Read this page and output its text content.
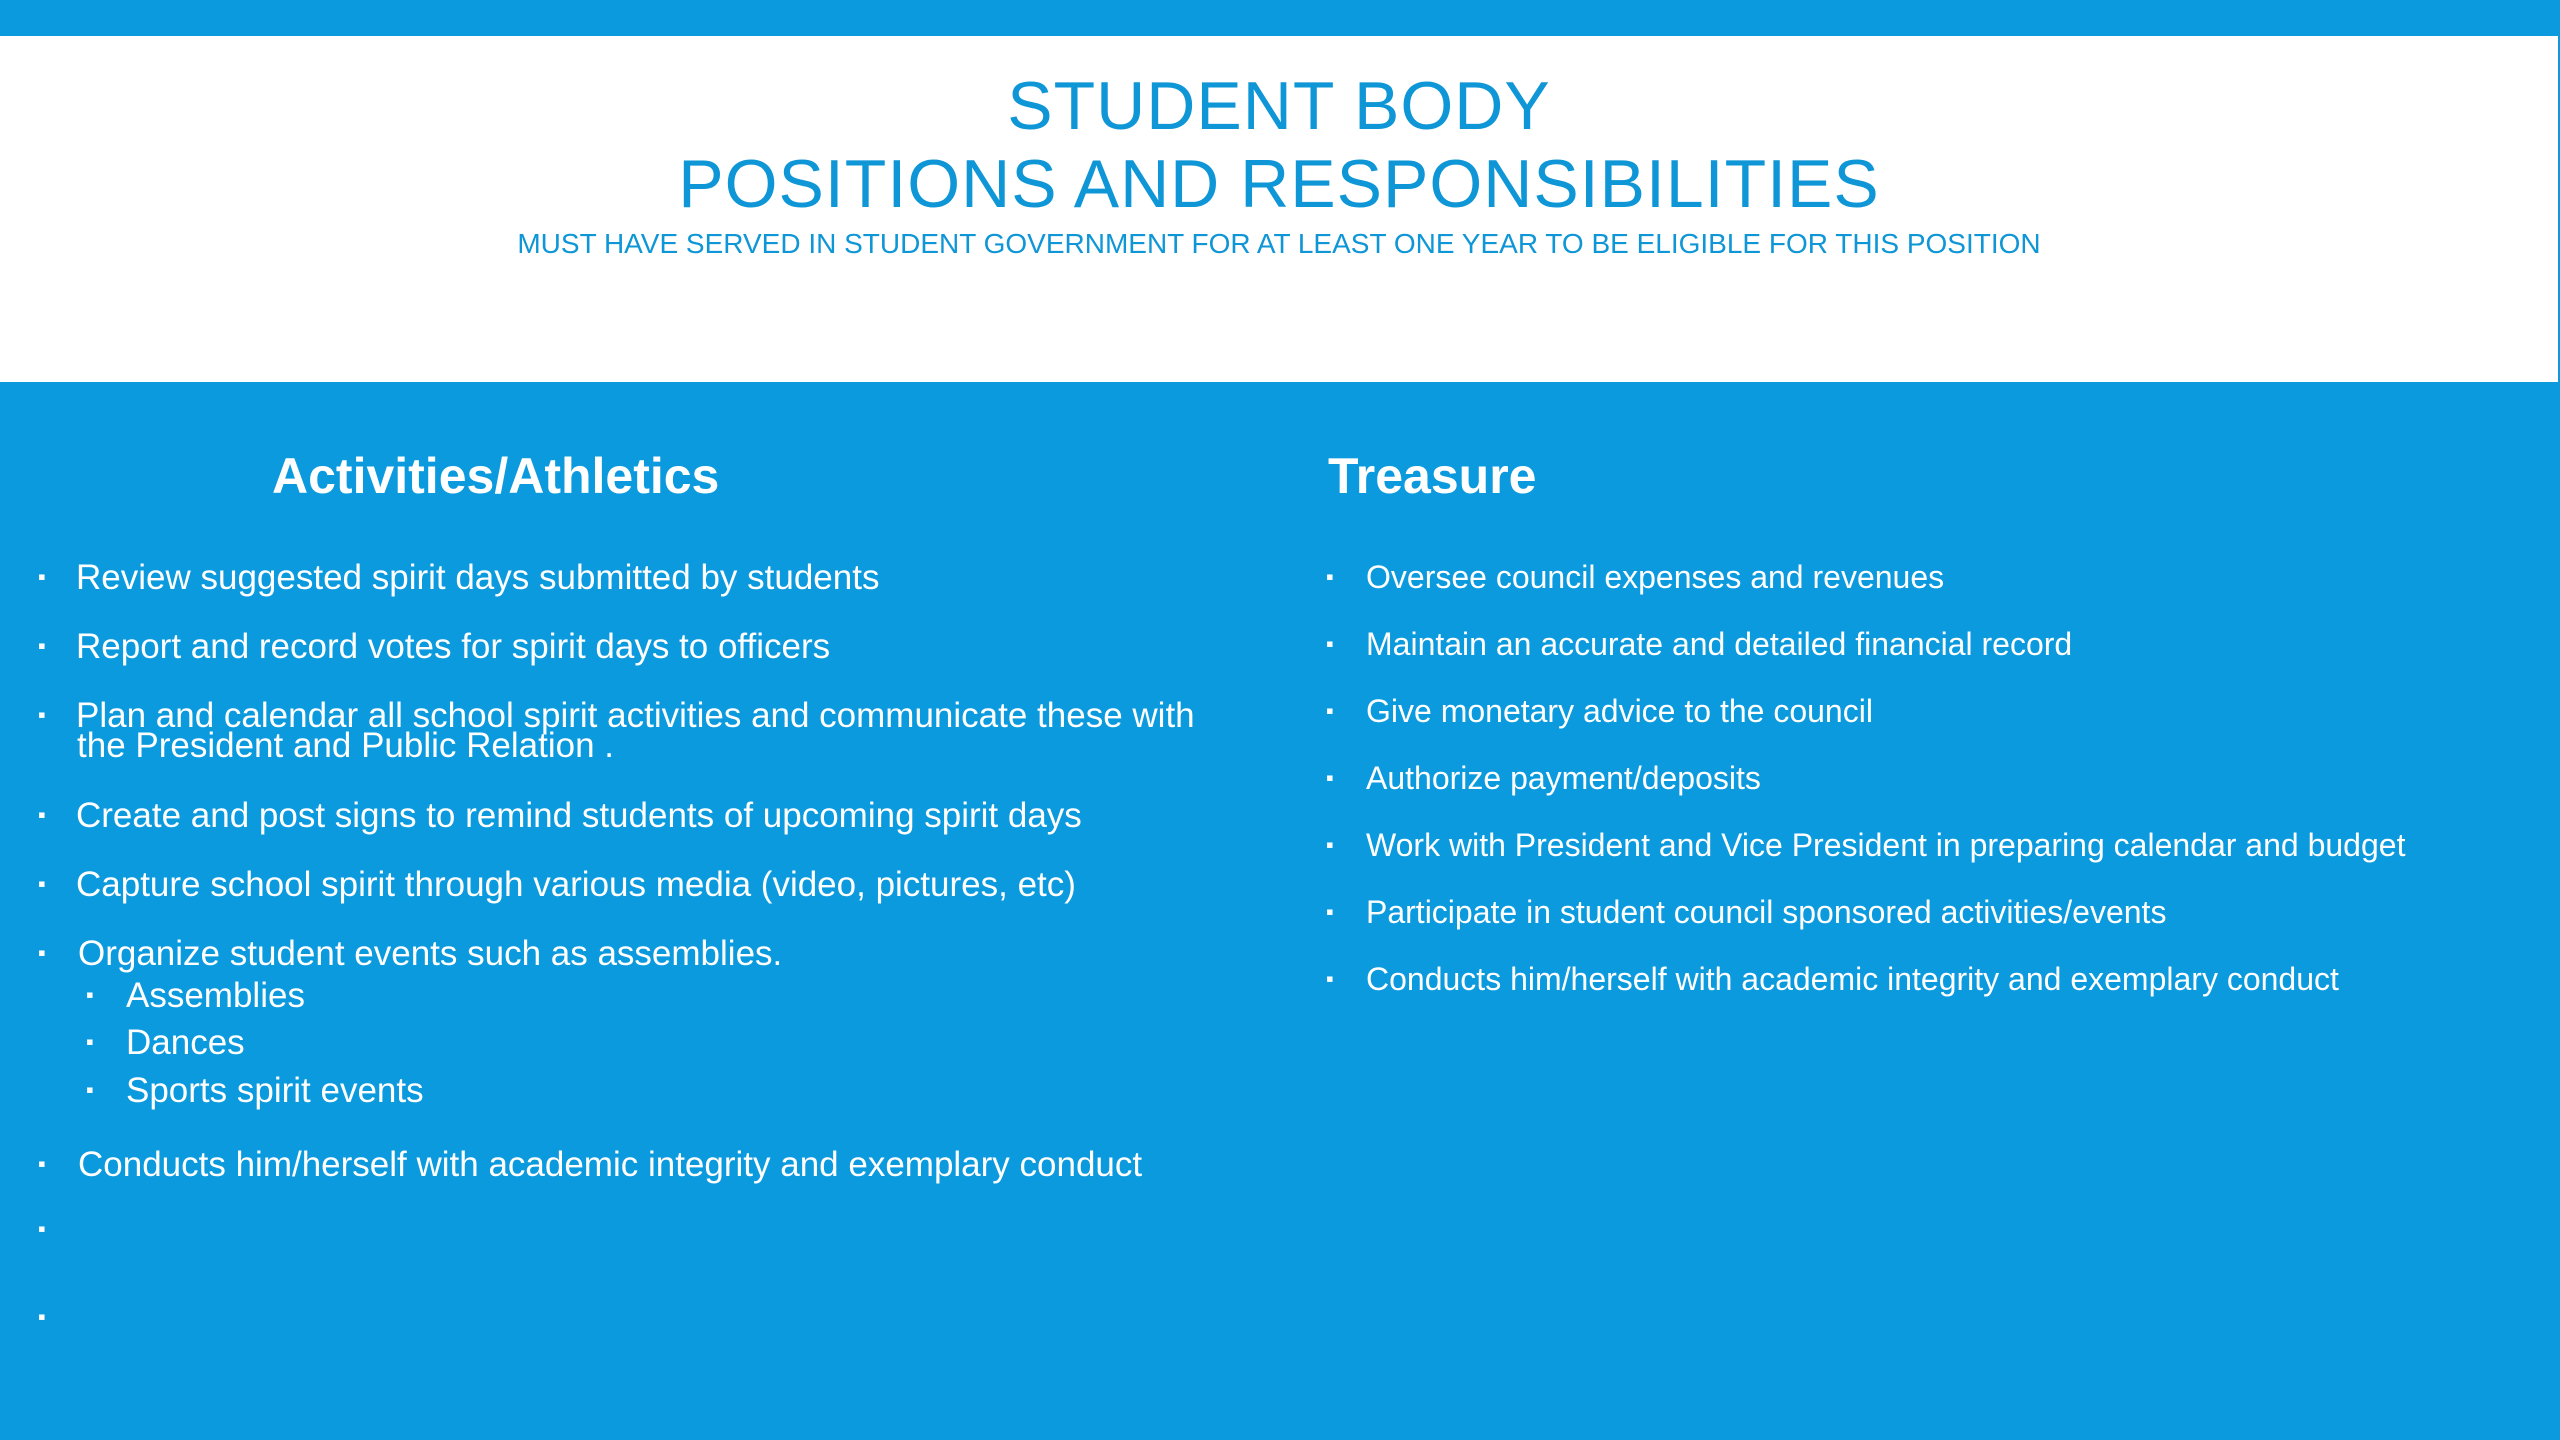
STUDENT BODY
POSITIONS AND RESPONSIBILITIES
MUST HAVE SERVED IN STUDENT GOVERNMENT FOR AT LEAST ONE YEAR TO BE ELIGIBLE FOR THIS POSITION
Activities/Athletics
▪ Review suggested spirit days submitted by students
▪ Report and record votes for spirit days to officers
▪ Plan and calendar all school spirit activities and communicate these with
the President and Public Relation .
▪ Create and post signs to remind students of upcoming spirit days
▪ Capture school spirit through various media (video, pictures, etc)
▪ Organize student events such as assemblies.
▪ Assemblies
▪ Dances
▪ Sports spirit events
▪ Conducts him/herself with academic integrity and exemplary conduct
▪
▪
Treasure
▪ Oversee council expenses and revenues
▪ Maintain an accurate and detailed financial record
▪ Give monetary advice to the council
▪ Authorize payment/deposits
▪ Work with President and Vice President in preparing calendar and budget
▪ Participate in student council sponsored activities/events
▪ Conducts him/herself with academic integrity and exemplary conduct
